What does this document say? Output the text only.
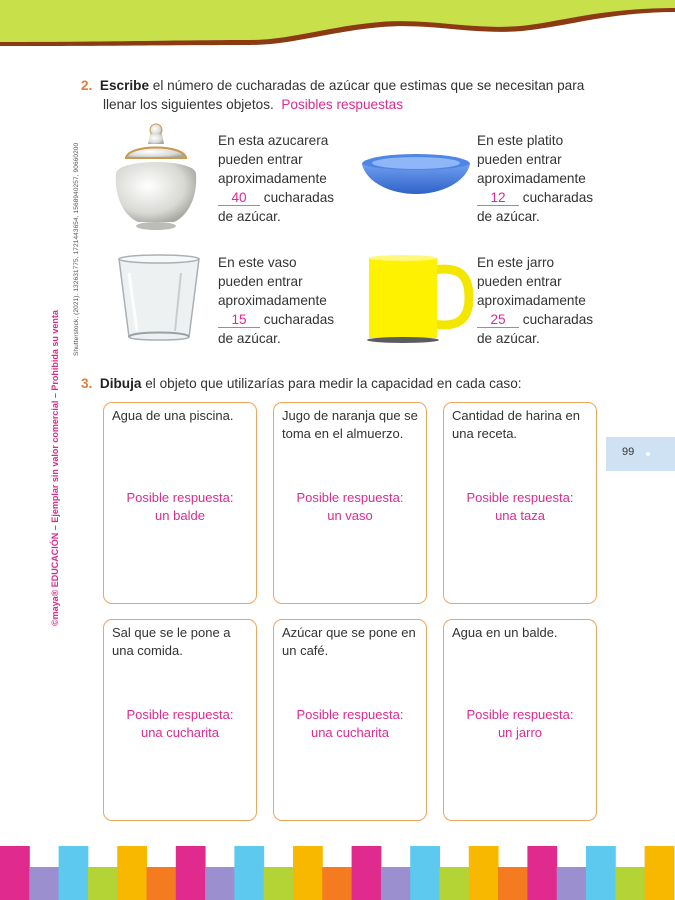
©maya® EDUCACIÓN – Ejemplar sin valor comercial – Prohibida su venta
Shutterstock, (2021). 132631775, 1721443654, 1568940257, 90660200
2. Escribe el número de cucharadas de azúcar que estimas que se necesitan para
llenar los siguientes objetos. Posibles respuestas
En esta azucarera
pueden entrar
aproximadamente
40 cucharadas
de azúcar.
En este platito
pueden entrar
aproximadamente
12 cucharadas
de azúcar.
En este vaso
pueden entrar
aproximadamente
15 cucharadas
de azúcar.
En este jarro
pueden entrar
aproximadamente
25 cucharadas
de azúcar.
3. Dibuja el objeto que utilizarías para medir la capacidad en cada caso:
Agua de una piscina.
Posible respuesta:
un balde
Jugo de naranja que se toma en el almuerzo.
Posible respuesta:
un vaso
Cantidad de harina en una receta.
Posible respuesta:
una taza
Sal que se le pone a una comida.
Posible respuesta:
una cucharita
Azúcar que se pone en un café.
Posible respuesta:
una cucharita
Agua en un balde.
Posible respuesta:
un jarro
99
